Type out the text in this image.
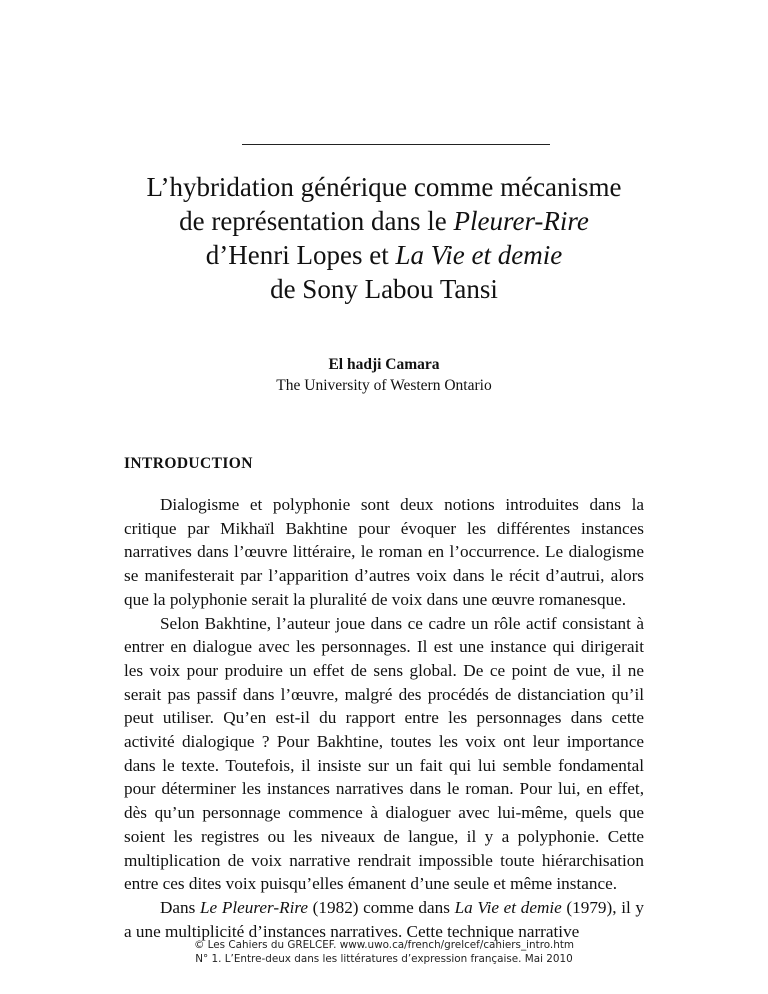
L’hybridation générique comme mécanisme
de représentation dans le Pleurer-Rire
d’Henri Lopes et La Vie et demie
de Sony Labou Tansi
El hadji Camara
The University of Western Ontario
INTRODUCTION

Dialogisme et polyphonie sont deux notions introduites dans la critique par Mikhaïl Bakhtine pour évoquer les différentes instances narratives dans l’œuvre littéraire, le roman en l’occurrence. Le dialogisme se manifesterait par l’apparition d’autres voix dans le récit d’autrui, alors que la polyphonie serait la pluralité de voix dans une œuvre romanesque.

Selon Bakhtine, l’auteur joue dans ce cadre un rôle actif consistant à entrer en dialogue avec les personnages. Il est une instance qui dirigerait les voix pour produire un effet de sens global. De ce point de vue, il ne serait pas passif dans l’œuvre, malgré des procédés de distanciation qu’il peut utiliser. Qu’en est-il du rapport entre les personnages dans cette activité dialogique ? Pour Bakhtine, toutes les voix ont leur importance dans le texte. Toutefois, il insiste sur un fait qui lui semble fondamental pour déterminer les instances narratives dans le roman. Pour lui, en effet, dès qu’un personnage commence à dialoguer avec lui-même, quels que soient les registres ou les niveaux de langue, il y a polyphonie. Cette multiplication de voix narrative rendrait impossible toute hiérarchisation entre ces dites voix puisqu’elles émanent d’une seule et même instance.

Dans Le Pleurer-Rire (1982) comme dans La Vie et demie (1979), il y a une multiplicité d’instances narratives. Cette technique narrative

© Les Cahiers du GRELCEF. www.uwo.ca/french/grelcef/cahiers_intro.htm
N° 1. L’Entre-deux dans les littératures d’expression française. Mai 2010
